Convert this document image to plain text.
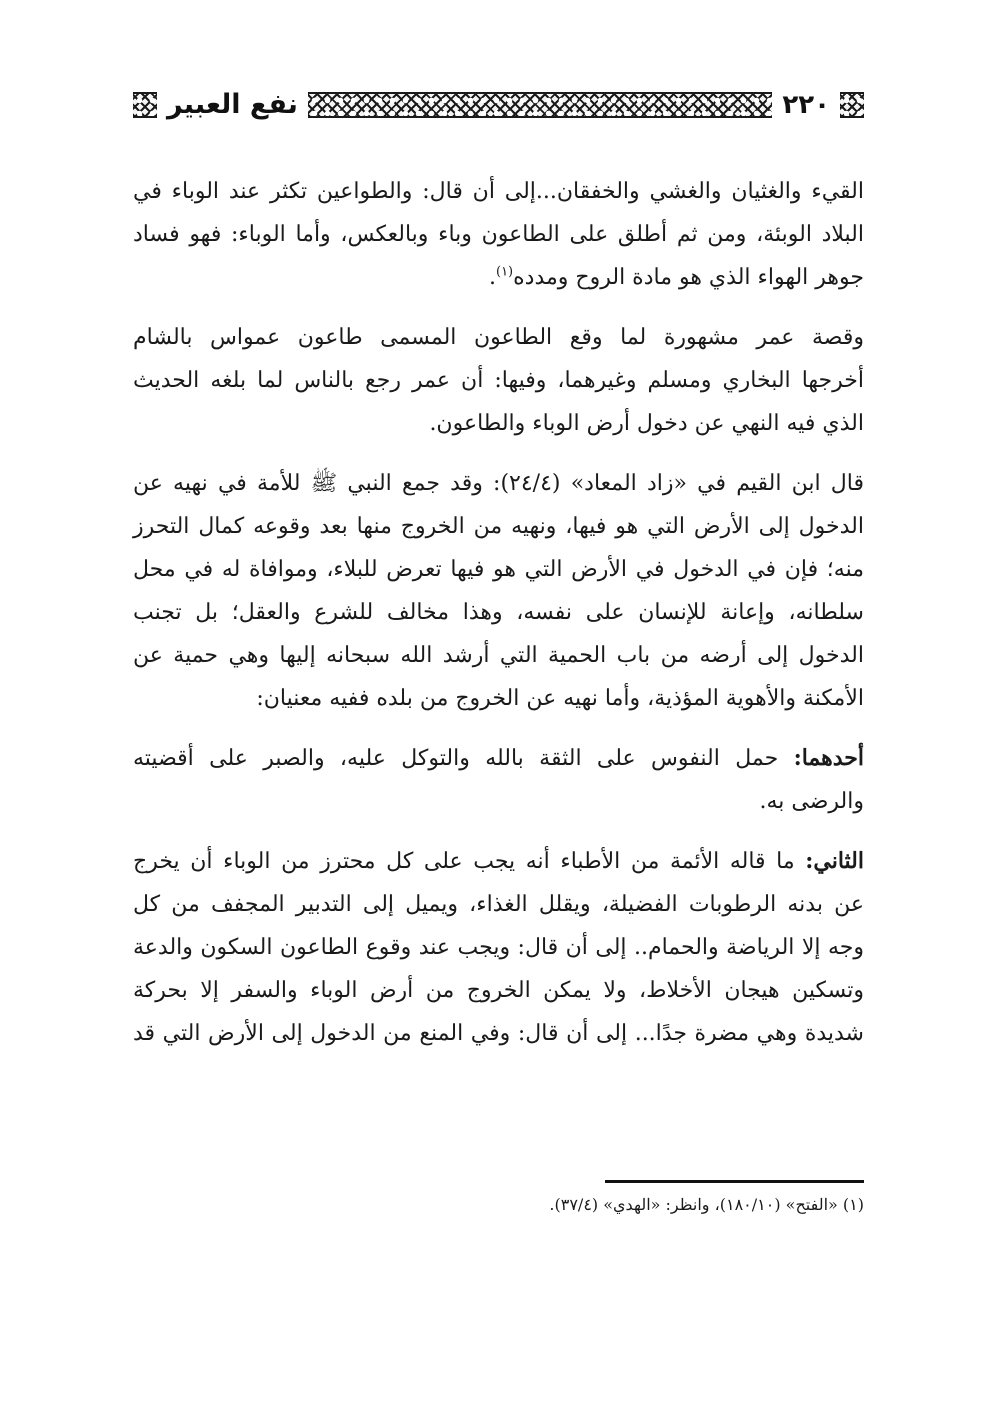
٢٢٠
نفع العبير

القيء والغثيان والغشي والخفقان...إلى أن قال: والطواعين تكثر عند الوباء في
البلاد الوبئة، ومن ثم أطلق على الطاعون وباء وبالعكس، وأما الوباء: فهو فساد
جوهر الهواء الذي هو مادة الروح ومدده$^{(١)}$.

وقصة عمر مشهورة لما وقع الطاعون المسمى طاعون عمواس بالشام
أخرجها البخاري ومسلم وغيرهما، وفيها: أن عمر رجع بالناس لما بلغه الحديث
الذي فيه النهي عن دخول أرض الوباء والطاعون.

قال ابن القيم في «زاد المعاد» (٢٤/٤): وقد جمع النبي ﷺ للأمة في نهيه عن
الدخول إلى الأرض التي هو فيها، ونهيه من الخروج منها بعد وقوعه كمال التحرز
منه؛ فإن في الدخول في الأرض التي هو فيها تعرض للبلاء، وموافاة له في محل
سلطانه، وإعانة للإنسان على نفسه، وهذا مخالف للشرع والعقل؛ بل تجنب
الدخول إلى أرضه من باب الحمية التي أرشد الله سبحانه إليها وهي حمية عن
الأمكنة والأهوية المؤذية، وأما نهيه عن الخروج من بلده ففيه معنيان:

أحدهما: حمل النفوس على الثقة بالله والتوكل عليه، والصبر على أقضيته
والرضى به.

الثاني: ما قاله الأئمة من الأطباء أنه يجب على كل محترز من الوباء أن يخرج
عن بدنه الرطوبات الفضيلة، ويقلل الغذاء، ويميل إلى التدبير المجفف من كل
وجه إلا الرياضة والحمام.. إلى أن قال: ويجب عند وقوع الطاعون السكون والدعة
وتسكين هيجان الأخلاط، ولا يمكن الخروج من أرض الوباء والسفر إلا بحركة
شديدة وهي مضرة جدًا... إلى أن قال: وفي المنع من الدخول إلى الأرض التي قد

(١) «الفتح» (١٨٠/١٠)، وانظر: «الهدي» (٣٧/٤).
